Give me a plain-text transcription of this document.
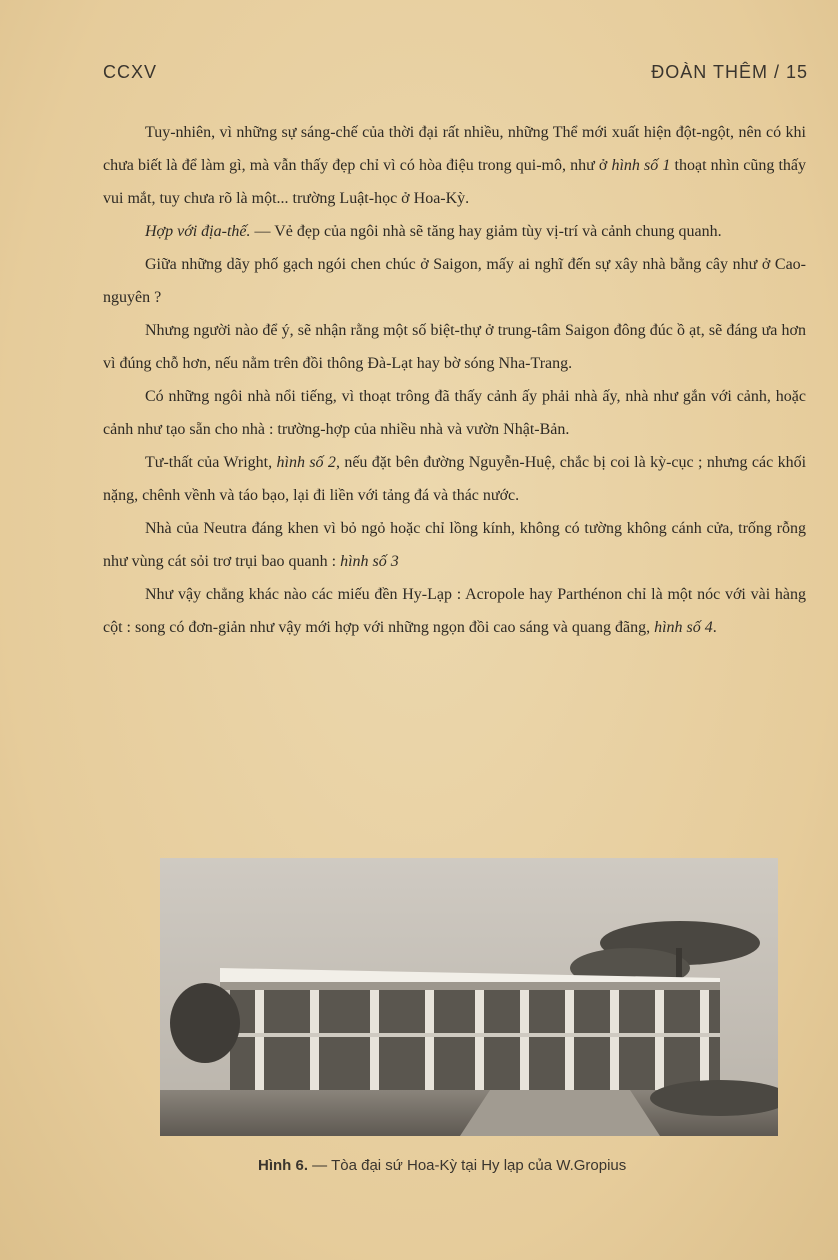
CCXV	ĐOÀN THÊM / 15

Tuy-nhiên, vì những sự sáng-chế của thời đại rất nhiều, những Thể mới xuất hiện đột-ngột, nên có khi chưa biết là để làm gì, mà vẫn thấy đẹp chỉ vì có hòa điệu trong qui-mô, như ở hình số 1 thoạt nhìn cũng thấy vui mắt, tuy chưa rõ là một... trường Luật-học ở Hoa-Kỳ.

Hợp với địa-thế. — Vẻ đẹp của ngôi nhà sẽ tăng hay giảm tùy vị-trí và cảnh chung quanh.

Giữa những dãy phố gạch ngói chen chúc ở Saigon, mấy ai nghĩ đến sự xây nhà bằng cây như ở Cao-nguyên ?

Nhưng người nào để ý, sẽ nhận rằng một số biệt-thự ở trung-tâm Saigon đông đúc ồ ạt, sẽ đáng ưa hơn vì đúng chỗ hơn, nếu nằm trên đồi thông Đà-Lạt hay bờ sóng Nha-Trang.

Có những ngôi nhà nổi tiếng, vì thoạt trông đã thấy cảnh ấy phải nhà ấy, nhà như gắn với cảnh, hoặc cảnh như tạo sẵn cho nhà : trường-hợp của nhiều nhà và vườn Nhật-Bản.

Tư-thất của Wright, hình số 2, nếu đặt bên đường Nguyễn-Huệ, chắc bị coi là kỳ-cục ; nhưng các khối nặng, chênh vềnh và táo bạo, lại đi liền với tảng đá và thác nước.

Nhà của Neutra đáng khen vì bỏ ngỏ hoặc chỉ lồng kính, không có tường không cánh cửa, trống rỗng như vùng cát sỏi trơ trụi bao quanh : hình số 3

Như vậy chẳng khác nào các miếu đền Hy-Lạp : Acropole hay Parthénon chỉ là một nóc với vài hàng cột : song có đơn-giản như vậy mới hợp với những ngọn đồi cao sáng và quang đãng, hình số 4.

Hình 6. — Tòa đại sứ Hoa-Kỳ tại Hy lạp của W.Gropius
